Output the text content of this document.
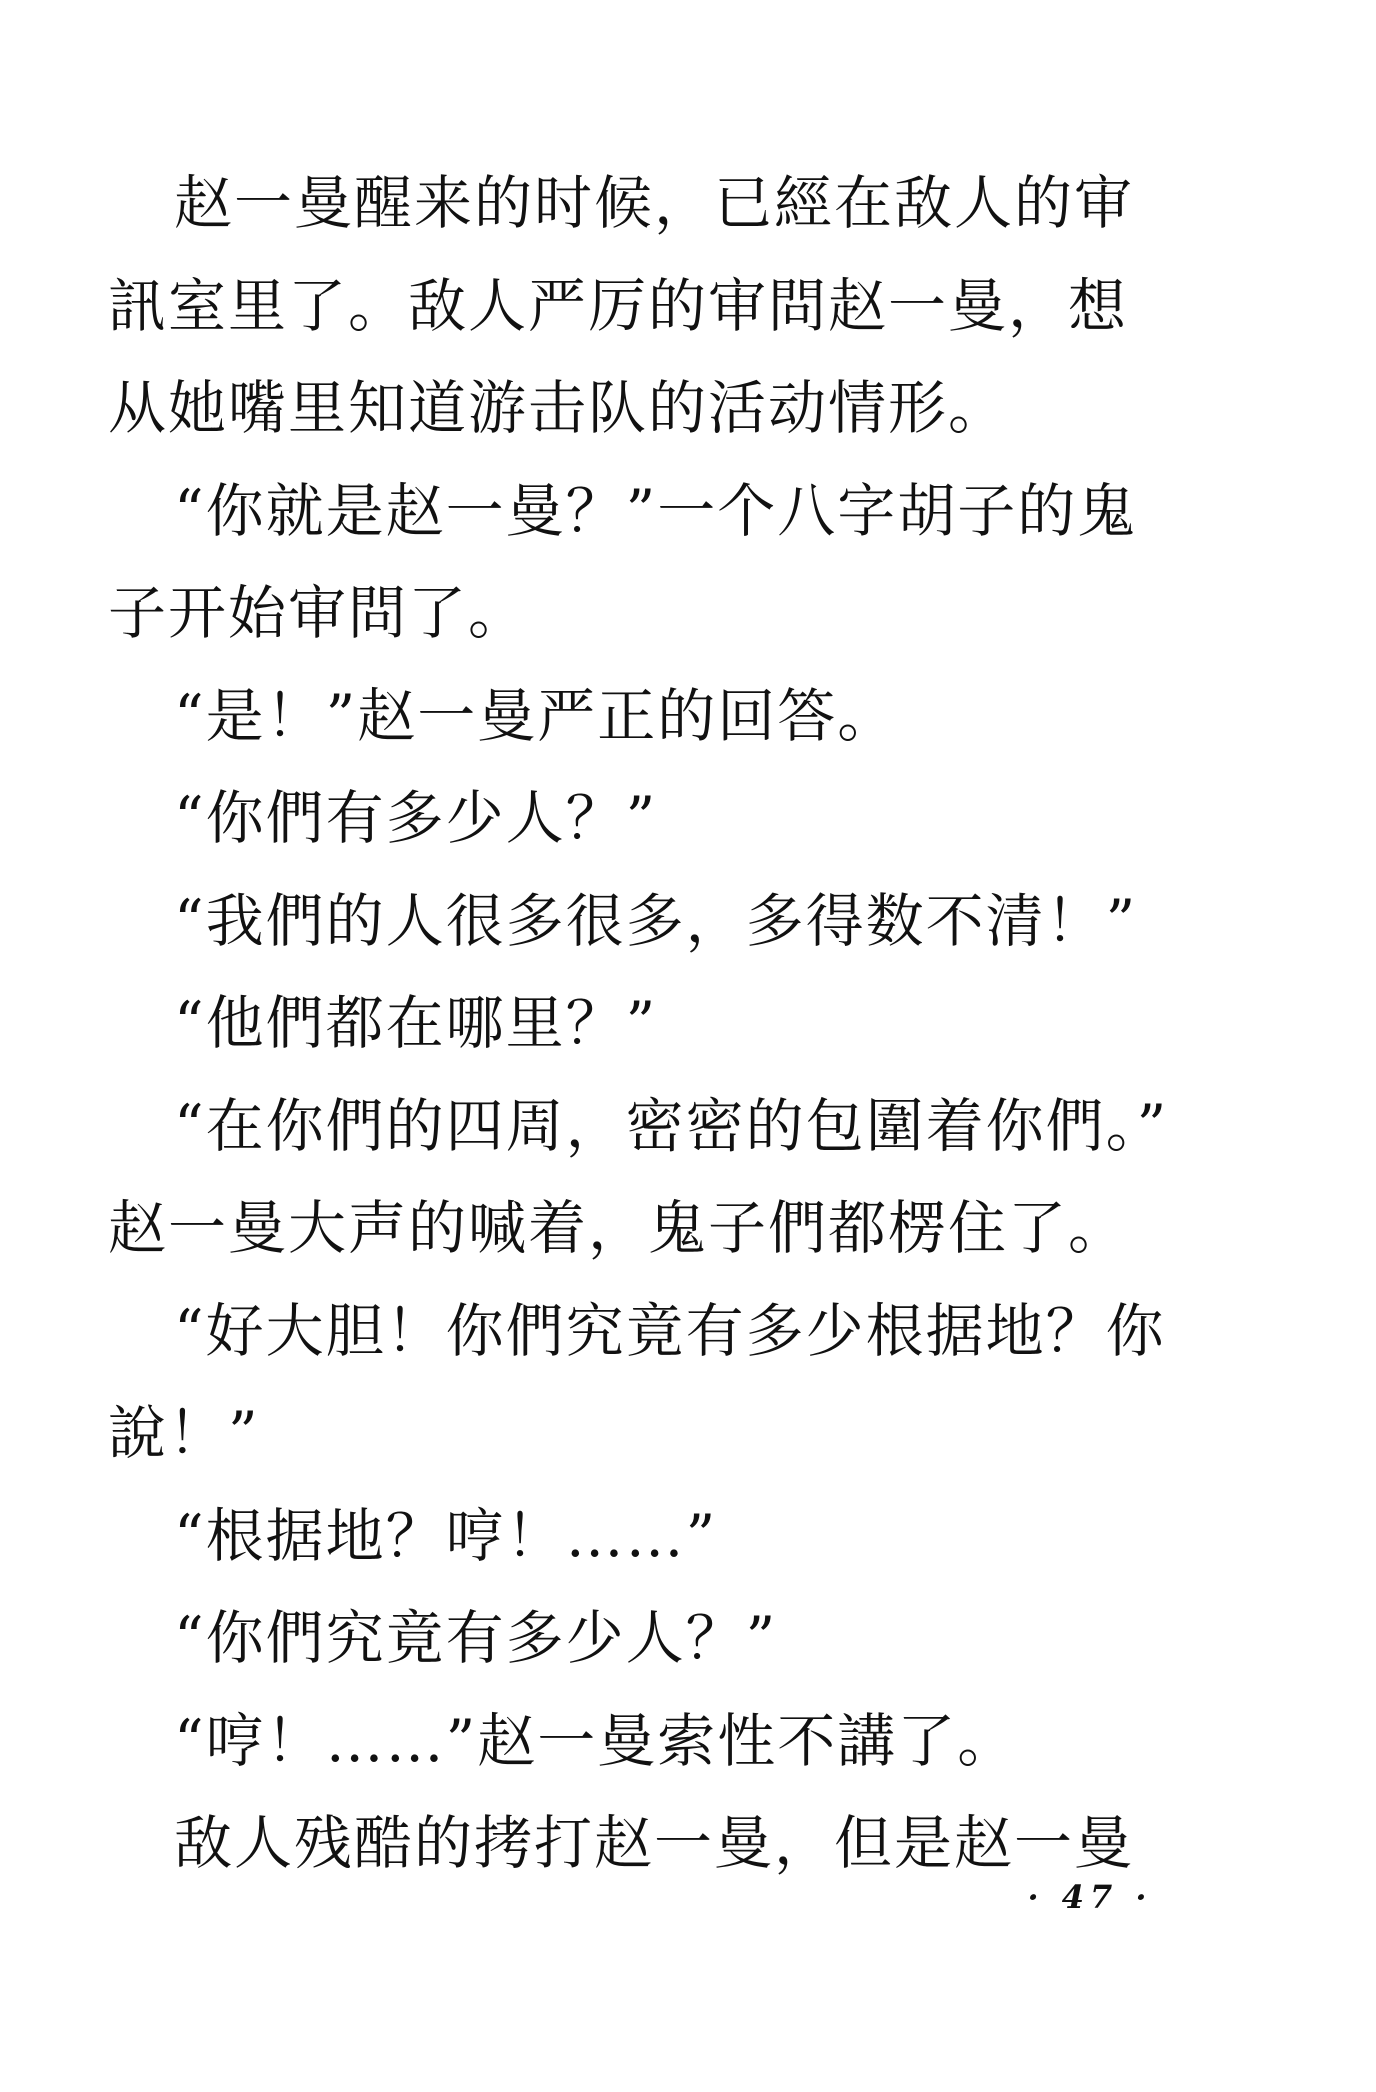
赵一曼醒来的时候，已經在敌人的审
訊室里了。敌人严厉的审問赵一曼，想
从她嘴里知道游击队的活动情形。
“你就是赵一曼？”一个八字胡子的鬼
子开始审問了。
“是！”赵一曼严正的回答。
“你們有多少人？”
“我們的人很多很多，多得数不清！”
“他們都在哪里？”
“在你們的四周，密密的包圍着你們。”
赵一曼大声的喊着，鬼子們都楞住了。
“好大胆！你們究竟有多少根据地？你
說！”
“根据地？哼！……”
“你們究竟有多少人？”
“哼！……”赵一曼索性不講了。
敌人残酷的拷打赵一曼，但是赵一曼
· 47 ·
